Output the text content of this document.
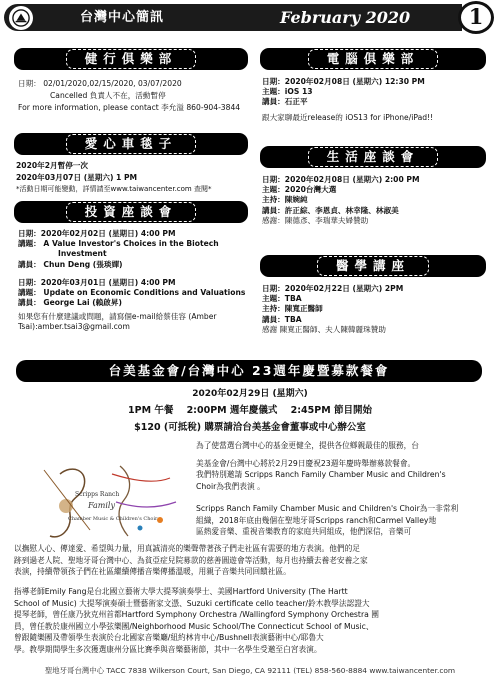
台灣中心簡訊	February 2020	1
健行俱樂部
日期： 02/01/2020,02/15/2020, 03/07/2020
Cancelled 負責人不在，活動暫停
For more information, please contact 李允溢 860-904-3844
愛心車毯子
2020年2月暫停一次
2020年03月07日 (星期六) 1 PM
*活動日期可能變動，詳情請至www.taiwancenter.com 查閱*
投資座談會
日期：2020年02月02日 (星期日) 4:00 PM
講題： A Value Investor's Choices in the Biotech
Investment
講員： Chun Deng (張琰嬋)
日期：2020年03月01日 (星期日) 4:00 PM
講題： Update on Economic Conditions and Valuations
講員： George Lai (賴啟昇)
如果您有什麼建議或問題，請寫個e-mail給蔡佳容 (Amber
Tsai):amber.tsai3@gmail.com
電腦俱樂部
日期：2020年02月08日 (星期六) 12:30 PM
主題：iOS 13
講員：石正平
跟大家聊最近release的 iOS13 for iPhone/iPad!!
生活座談會
日期：2020年02月08日 (星期六) 2:00 PM
主題：2020台灣大選
主持：陳婉純
講員：許正綜、李恩貞、林幸隆、林淑美
感謝：陳德彥、李瑞華夫婦贊助
醫學講座
日期：2020年02月22日 (星期六) 2PM
主題：TBA
主持：陳寬正醫師
講員：TBA
感謝 陳寬正醫師、夫人陳韓麗珠贊助
台美基金會/台灣中心 23週年慶暨募款餐會
2020年02月29日 (星期六)
1PM 午餐    2:00PM 週年慶儀式    2:45PM 節目開始
$120 (可抵稅) 購票請洽台美基金會董事或中心辦公室
Scripps Ranch
Family
Chamber Music & Children's Choir
為了使當選台灣中心的基金更健全，提供各位鄉親最佳的服務，台
美基金會/台灣中心將於2月29日慶祝23週年慶時舉辦募款餐會。
我們特別邀請 Scripps Ranch Family Chamber Music and Children's
Choir為我們表演 。
Scripps Ranch Family Chamber Music and Children's Choir為一非常利
組織，2018年底由幾個在聖地牙哥Scripps ranch和Carmel Valley地
區熱愛音樂、重視音樂教育的家庭共同組成，他們深信，音樂可
以撫慰人心、傳達愛、希望與力量，用真誠清亮的樂聲帶著孩子們走社區有需要的地方表演。他們的足
跡到過老人院、聖地牙哥台灣中心、為貧亞症兒院募款的慈善圓遊會等活動，每月也持續去養老安養之家
表演，持續帶領孩子們在社區繼續傳播音樂傳播溫暖，用親子音樂共同回饋社區。
指導老師Emily Fang是台北國立藝術大學大提琴演奏學士、美國Hartford University (The Hartt
School of Music) 大提琴演奏碩士暨藝術家文憑、Suzuki certificate cello teacher/鈴木教學法認證大
提琴老師，曾任康乃狄克州首都Hartford Symphony Orchestra /Wallingford Symphony Orchestra 團
員，曾任教於康州國立小學弦樂團/Neighborhood Music School/The Connecticut School of Music、
曾跟隨樂團及帶領學生表演於台北國家音樂廳/紐約林肯中心/Bushnell表演藝術中心/耶魯大
學。教學期間學生多次獲選康州分區比賽季與音樂藝術節，其中一名學生受邀至白宮表演。
聖地牙哥台灣中心 TACC 7838 Wilkerson Court, San Diego, CA 92111 (TEL) 858-560-8884 www.taiwancenter.com
